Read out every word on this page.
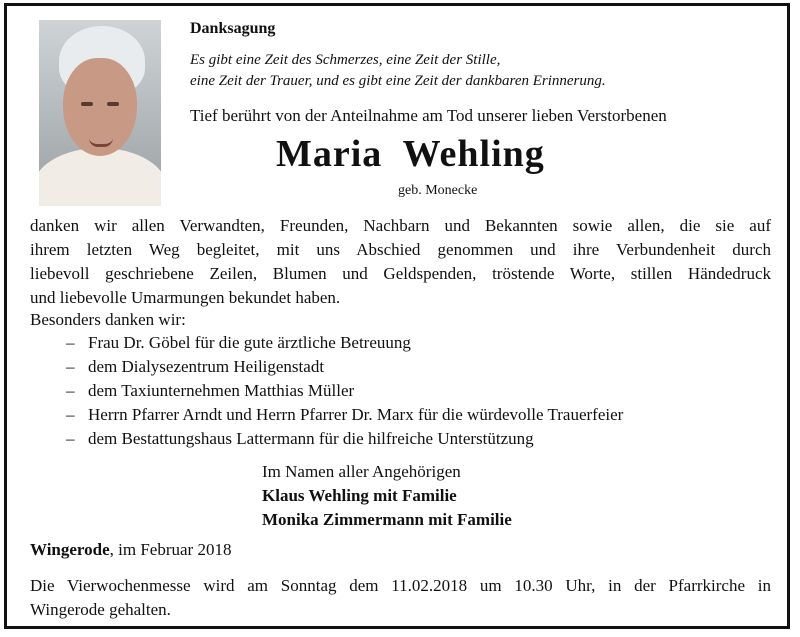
Danksagung
Es gibt eine Zeit des Schmerzes, eine Zeit der Stille,
eine Zeit der Trauer, und es gibt eine Zeit der dankbaren Erinnerung.
Tief berührt von der Anteilnahme am Tod unserer lieben Verstorbenen
Maria  Wehling
geb. Monecke
danken wir allen Verwandten, Freunden, Nachbarn und Bekannten sowie allen, die sie auf
ihrem letzten Weg begleitet, mit uns Abschied genommen und ihre Verbundenheit durch
liebevoll geschriebene Zeilen, Blumen und Geldspenden, tröstende Worte, stillen Händedruck
und liebevolle Umarmungen bekundet haben.
Besonders danken wir:
– Frau Dr. Göbel für die gute ärztliche Betreuung
– dem Dialysezentrum Heiligenstadt
– dem Taxiunternehmen Matthias Müller
– Herrn Pfarrer Arndt und Herrn Pfarrer Dr. Marx für die würdevolle Trauerfeier
– dem Bestattungshaus Lattermann für die hilfreiche Unterstützung
Im Namen aller Angehörigen
Klaus Wehling mit Familie
Monika Zimmermann mit Familie
Wingerode, im Februar 2018
Die Vierwochenmesse wird am Sonntag dem 11.02.2018 um 10.30 Uhr, in der Pfarrkirche in
Wingerode gehalten.
